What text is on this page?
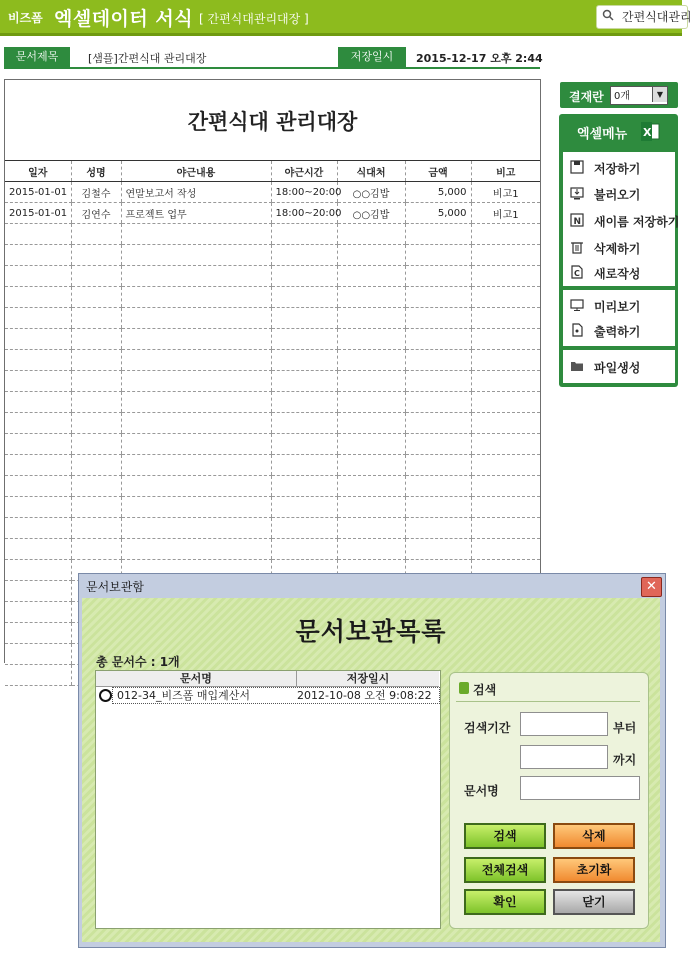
비즈폼 엑셀데이터 서식 [ 간편식대관리대장 ]	간편식대관리
문서제목	[샘플]간편식대 관리대장	저장일시	2015-12-17 오후 2:44
간편식대 관리대장
일자	성명	야근내용	야근시간	식대처	금액	비고
2015-01-01	김철수	연말보고서 작성	18:00~20:00	○○김밥	5,000	비고1
2015-01-01	김연수	프로젝트 업무	18:00~20:00	○○김밥	5,000	비고1

결재란 0개	▼
엑셀메뉴 X
저장하기
불러오기
N 새이름 저장하기
삭제하기
C 새로작성
미리보기
출력하기
파일생성
문서보관함	✕
문서보관목록
총 문서수 : 1개
문서명	저장일시
012-34_비즈폼 매입계산서	2012-10-08 오전 9:08:22	검색
검색기간	부터
까지
문서명
검색	삭제
전체검색	초기화
확인	닫기
